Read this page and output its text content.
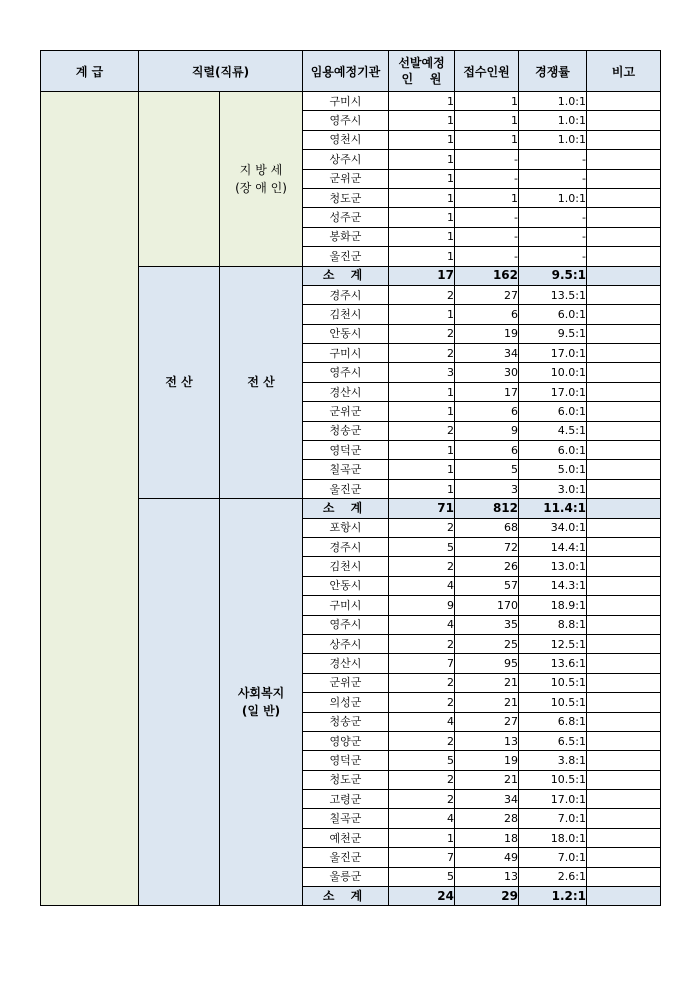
계 급	직렬(직류)		임용예정기관	선발예정
인    원	접수인원	경쟁률	비고
		지 방 세
(장 애 인)	구미시	1	1	1.0:1	
			영주시	1	1	1.0:1	
			영천시	1	1	1.0:1	
			상주시	1	-	-	
			군위군	1	-	-	
			청도군	1	1	1.0:1	
			성주군	1	-	-	
			봉화군	1	-	-	
			울진군	1	-	-	
	전 산	전 산	소 계	17	162	9.5:1	
			경주시	2	27	13.5:1	
			김천시	1	6	6.0:1	
			안동시	2	19	9.5:1	
			구미시	2	34	17.0:1	
			영주시	3	30	10.0:1	
			경산시	1	17	17.0:1	
			군위군	1	6	6.0:1	
			청송군	2	9	4.5:1	
			영덕군	1	6	6.0:1	
			칠곡군	1	5	5.0:1	
			울진군	1	3	3.0:1	
		사회복지
(일 반)	소 계	71	812	11.4:1	
			포항시	2	68	34.0:1	
			경주시	5	72	14.4:1	
			김천시	2	26	13.0:1	
			안동시	4	57	14.3:1	
			구미시	9	170	18.9:1	
			영주시	4	35	8.8:1	
			상주시	2	25	12.5:1	
			경산시	7	95	13.6:1	
			군위군	2	21	10.5:1	
			의성군	2	21	10.5:1	
			청송군	4	27	6.8:1	
			영양군	2	13	6.5:1	
			영덕군	5	19	3.8:1	
			청도군	2	21	10.5:1	
			고령군	2	34	17.0:1	
			칠곡군	4	28	7.0:1	
			예천군	1	18	18.0:1	
			울진군	7	49	7.0:1	
			울릉군	5	13	2.6:1	
			소 계	24	29	1.2:1	
